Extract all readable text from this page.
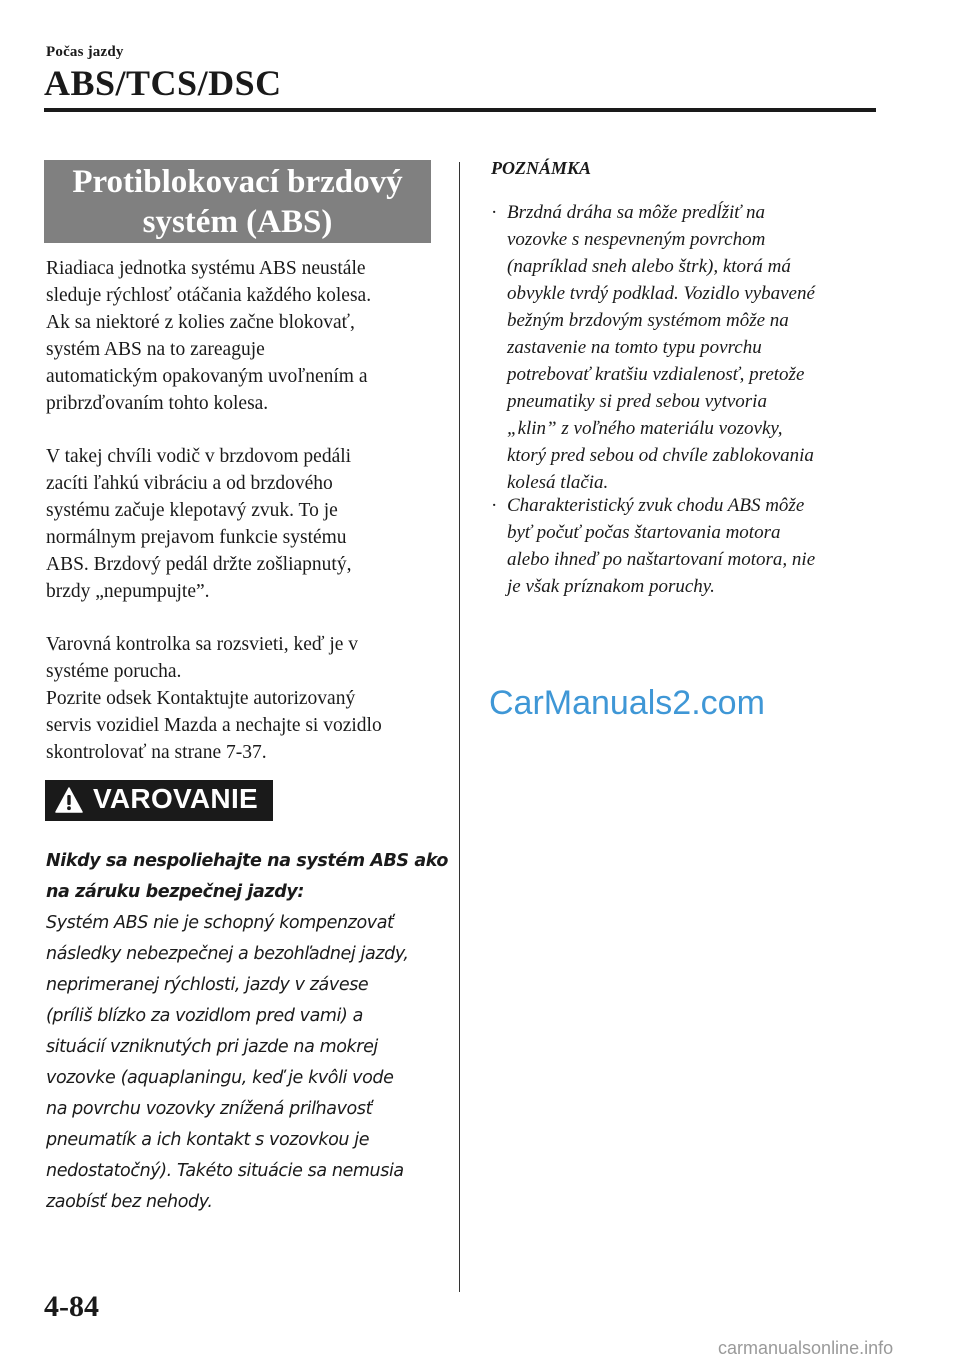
Počas jazdy
ABS/TCS/DSC
Protiblokovací brzdový
systém (ABS)
Riadiaca jednotka systému ABS neustále
sleduje rýchlosť otáčania každého kolesa.
Ak sa niektoré z kolies začne blokovať,
systém ABS na to zareaguje
automatickým opakovaným uvoľnením a
pribrzďovaním tohto kolesa.
V takej chvíli vodič v brzdovom pedáli
zacíti ľahkú vibráciu a od brzdového
systému začuje klepotavý zvuk. To je
normálnym prejavom funkcie systému
ABS. Brzdový pedál držte zošliapnutý,
brzdy „nepumpujte”.
Varovná kontrolka sa rozsvieti, keď je v
systéme porucha.
Pozrite odsek Kontaktujte autorizovaný
servis vozidiel Mazda a nechajte si vozidlo
skontrolovať na strane 7-37.
VAROVANIE
Nikdy sa nespoliehajte na systém ABS ako
na záruku bezpečnej jazdy:
Systém ABS nie je schopný kompenzovať
následky nebezpečnej a bezohľadnej jazdy,
neprimeranej rýchlosti, jazdy v závese
(príliš blízko za vozidlom pred vami) a
situácií vzniknutých pri jazde na mokrej
vozovke (aquaplaningu, keď je kvôli vode
na povrchu vozovky znížená priľnavosť
pneumatík a ich kontakt s vozovkou je
nedostatočný). Takéto situácie sa nemusia
zaobísť bez nehody.
POZNÁMKA
· Brzdná dráha sa môže predĺžiť na
vozovke s nespevneným povrchom
(napríklad sneh alebo štrk), ktorá má
obvykle tvrdý podklad. Vozidlo vybavené
bežným brzdovým systémom môže na
zastavenie na tomto typu povrchu
potrebovať kratšiu vzdialenosť, pretože
pneumatiky si pred sebou vytvoria
„klin” z voľného materiálu vozovky,
ktorý pred sebou od chvíle zablokovania
kolesá tlačia.
· Charakteristický zvuk chodu ABS môže
byť počuť počas štartovania motora
alebo ihneď po naštartovaní motora, nie
je však príznakom poruchy.
CarManuals2.com
4-84
carmanualsonline.info
